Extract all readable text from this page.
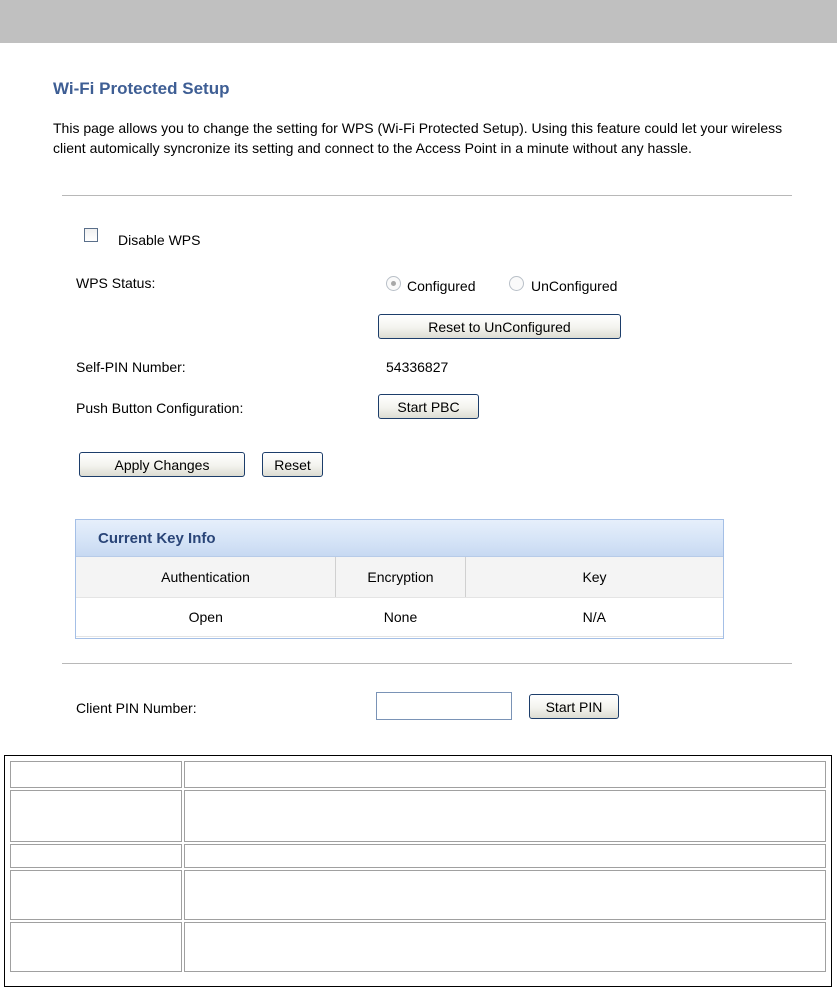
Wi-Fi Protected Setup

This page allows you to change the setting for WPS (Wi-Fi Protected Setup). Using this feature could let your wireless client automically syncronize its setting and connect to the Access Point in a minute without any hassle.

Disable WPS
WPS Status:	Configured	UnConfigured
Reset to UnConfigured
Self-PIN Number:	54336827
Push Button Configuration:	Start PBC
Apply Changes	Reset
Current Key Info
Authentication	Encryption	Key
Open	None	N/A
Client PIN Number:	Start PIN
